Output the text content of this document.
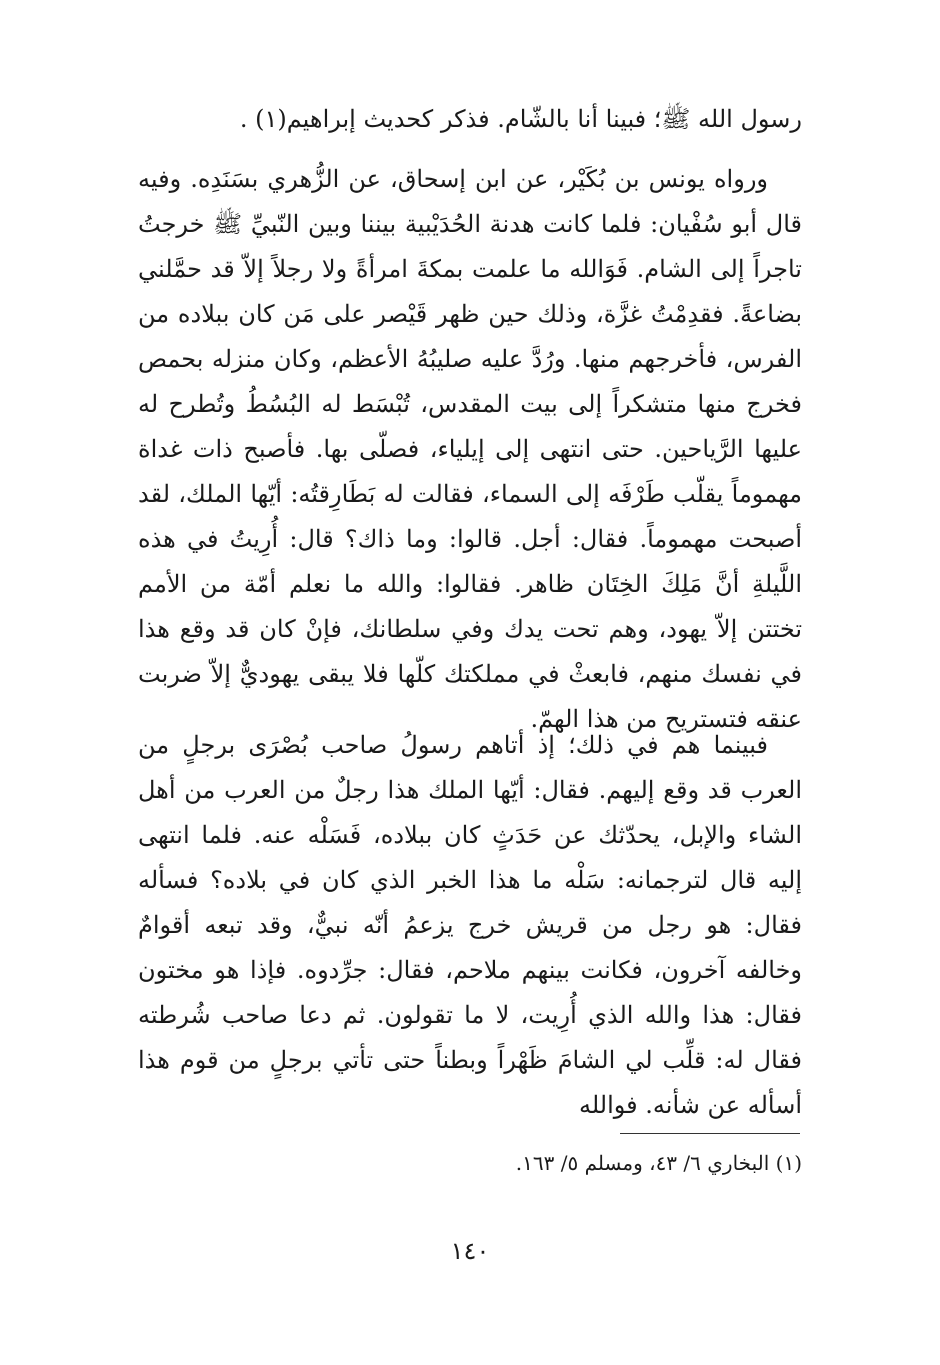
رسول الله ﷺ؛ فبينا أنا بالشّام. فذكر كحديث إبراهيم(١) .

ورواه يونس بن بُكَيْر، عن ابن إسحاق، عن الزُّهري بسَنَدِه. وفيه قال أبو سُفْيان: فلما كانت هدنة الحُدَيْبية بيننا وبين النّبيِّ ﷺ خرجتُ تاجراً إلى الشام. فَوَالله ما علمت بمكةَ امرأةً ولا رجلاً إلاّ قد حمَّلني بضاعةً. فقدِمْتُ غزَّة، وذلك حين ظهر قَيْصر على مَن كان ببلاده من الفرس، فأخرجهم منها. ورُدَّ عليه صليبُهُ الأعظم، وكان منزله بحمص فخرج منها متشكراً إلى بيت المقدس، تُبْسَط له البُسُطُ وتُطرح له عليها الرَّياحين. حتى انتهى إلى إيلياء، فصلّى بها. فأصبح ذات غداة مهموماً يقلّب طَرْفَه إلى السماء، فقالت له بَطَارِقتُه: أيّها الملك، لقد أصبحت مهموماً. فقال: أجل. قالوا: وما ذاك؟ قال: أُرِيتُ في هذه اللَّيلةِ أنَّ مَلِكَ الخِتَان ظاهر. فقالوا: والله ما نعلم أمّة من الأمم تختتن إلاّ يهود، وهم تحت يدك وفي سلطانك، فإنْ كان قد وقع هذا في نفسك منهم، فابعثْ في مملكتك كلّها فلا يبقى يهوديٌّ إلاّ ضربت عنقه فتستريح من هذا الهمّ.

فبينما هم في ذلك؛ إذ أتاهم رسولُ صاحب بُصْرَى برجلٍ من العرب قد وقع إليهم. فقال: أيّها الملك هذا رجلٌ من العرب من أهل الشاء والإبل، يحدّثك عن حَدَثٍ كان ببلاده، فَسَلْه عنه. فلما انتهى إليه قال لترجمانه: سَلْه ما هذا الخبر الذي كان في بلاده؟ فسأله فقال: هو رجل من قريش خرج يزعمُ أنّه نبيٌّ، وقد تبعه أقوامٌ وخالفه آخرون، فكانت بينهم ملاحم، فقال: جرِّدوه. فإذا هو مختون فقال: هذا والله الذي أُرِيت، لا ما تقولون. ثم دعا صاحب شُرطته فقال له: قلِّب لي الشامَ ظَهْراً وبطناً حتى تأتي برجلٍ من قوم هذا أسأله عن شأنه. فوالله

(١) البخاري ٦/ ٤٣، ومسلم ٥/ ١٦٣.
١٤٠
